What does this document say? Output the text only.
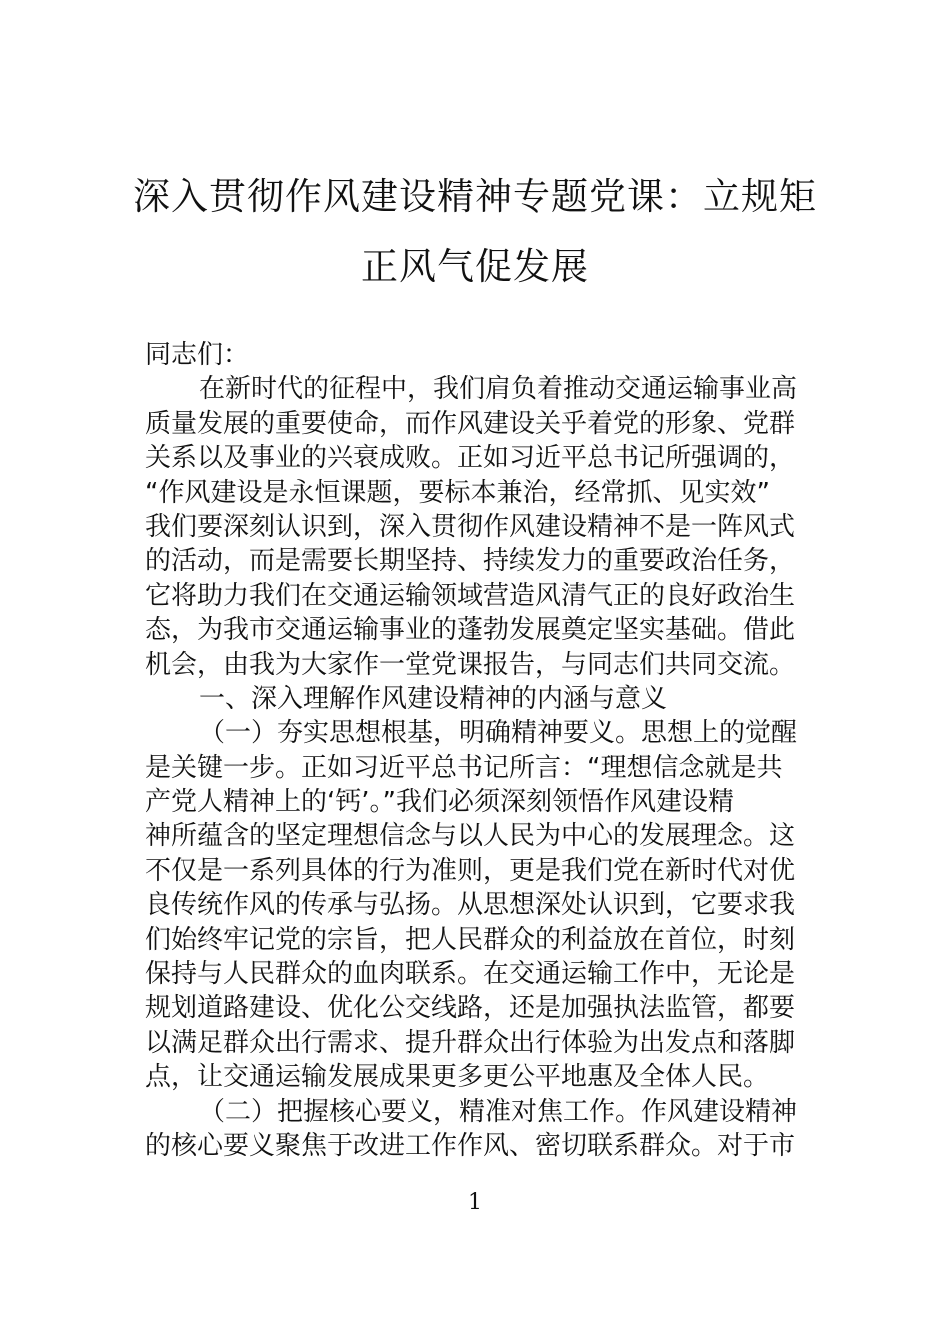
深入贯彻作风建设精神专题党课：立规矩
正风气促发展
同志们：
在新时代的征程中，我们肩负着推动交通运输事业高
质量发展的重要使命，而作风建设关乎着党的形象、党群
关系以及事业的兴衰成败。正如习近平总书记所强调的，
“作风建设是永恒课题，要标本兼治，经常抓、见实效”
我们要深刻认识到，深入贯彻作风建设精神不是一阵风式
的活动，而是需要长期坚持、持续发力的重要政治任务，
它将助力我们在交通运输领域营造风清气正的良好政治生
态，为我市交通运输事业的蓬勃发展奠定坚实基础。借此
机会，由我为大家作一堂党课报告，与同志们共同交流。
一、深入理解作风建设精神的内涵与意义
（一）夯实思想根基，明确精神要义。思想上的觉醒
是关键一步。正如习近平总书记所言：“理想信念就是共
产党人精神上的‘钙’。”我们必须深刻领悟作风建设精
神所蕴含的坚定理想信念与以人民为中心的发展理念。这
不仅是一系列具体的行为准则，更是我们党在新时代对优
良传统作风的传承与弘扬。从思想深处认识到，它要求我
们始终牢记党的宗旨，把人民群众的利益放在首位，时刻
保持与人民群众的血肉联系。在交通运输工作中，无论是
规划道路建设、优化公交线路，还是加强执法监管，都要
以满足群众出行需求、提升群众出行体验为出发点和落脚
点，让交通运输发展成果更多更公平地惠及全体人民。
（二）把握核心要义，精准对焦工作。作风建设精神
的核心要义聚焦于改进工作作风、密切联系群众。对于市
1
